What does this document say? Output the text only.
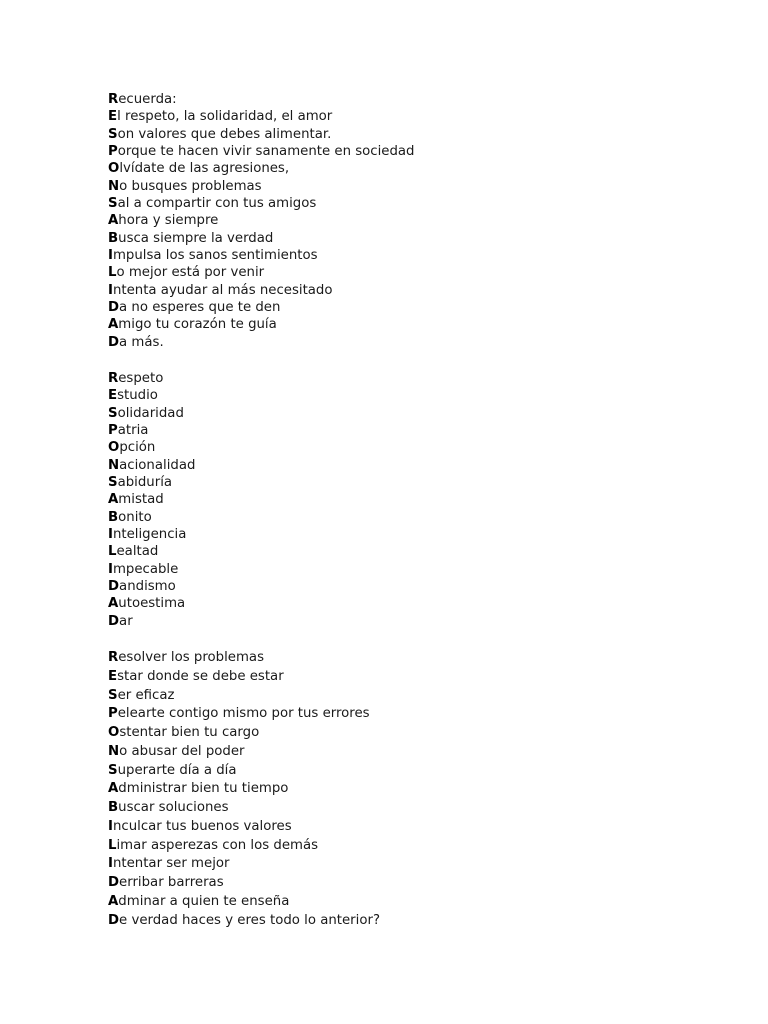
Recuerda:
El respeto, la solidaridad, el amor
Son valores que debes alimentar.
Porque te hacen vivir sanamente en sociedad
Olvídate de las agresiones,
No busques problemas
Sal a compartir con tus amigos
Ahora y siempre
Busca siempre la verdad
Impulsa los sanos sentimientos
Lo mejor está por venir
Intenta ayudar al más necesitado
Da no esperes que te den
Amigo tu corazón te guía
Da más.
Respeto
Estudio
Solidaridad
Patria
Opción
Nacionalidad
Sabiduría
Amistad
Bonito
Inteligencia
Lealtad
Impecable
Dandismo
Autoestima
Dar
Resolver los problemas
Estar donde se debe estar
Ser eficaz
Pelearte contigo mismo por tus errores
Ostentar bien tu cargo
No abusar del poder
Superarte día a día
Administrar bien tu tiempo
Buscar soluciones
Inculcar tus buenos valores
Limar asperezas con los demás
Intentar ser mejor
Derribar barreras
Adminar a quien te enseña
De verdad haces y eres todo lo anterior?
